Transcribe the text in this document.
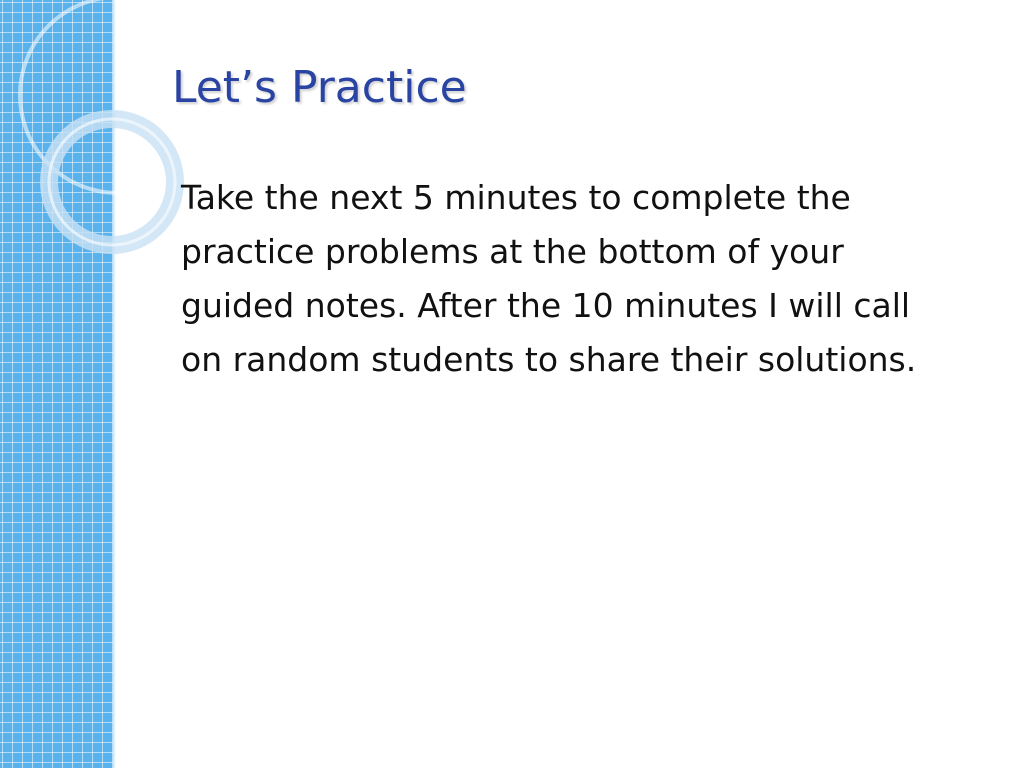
Let’s Practice

Take the next 5 minutes to complete the practice problems at the bottom of your guided notes. After the 10 minutes I will call on random students to share their solutions.
